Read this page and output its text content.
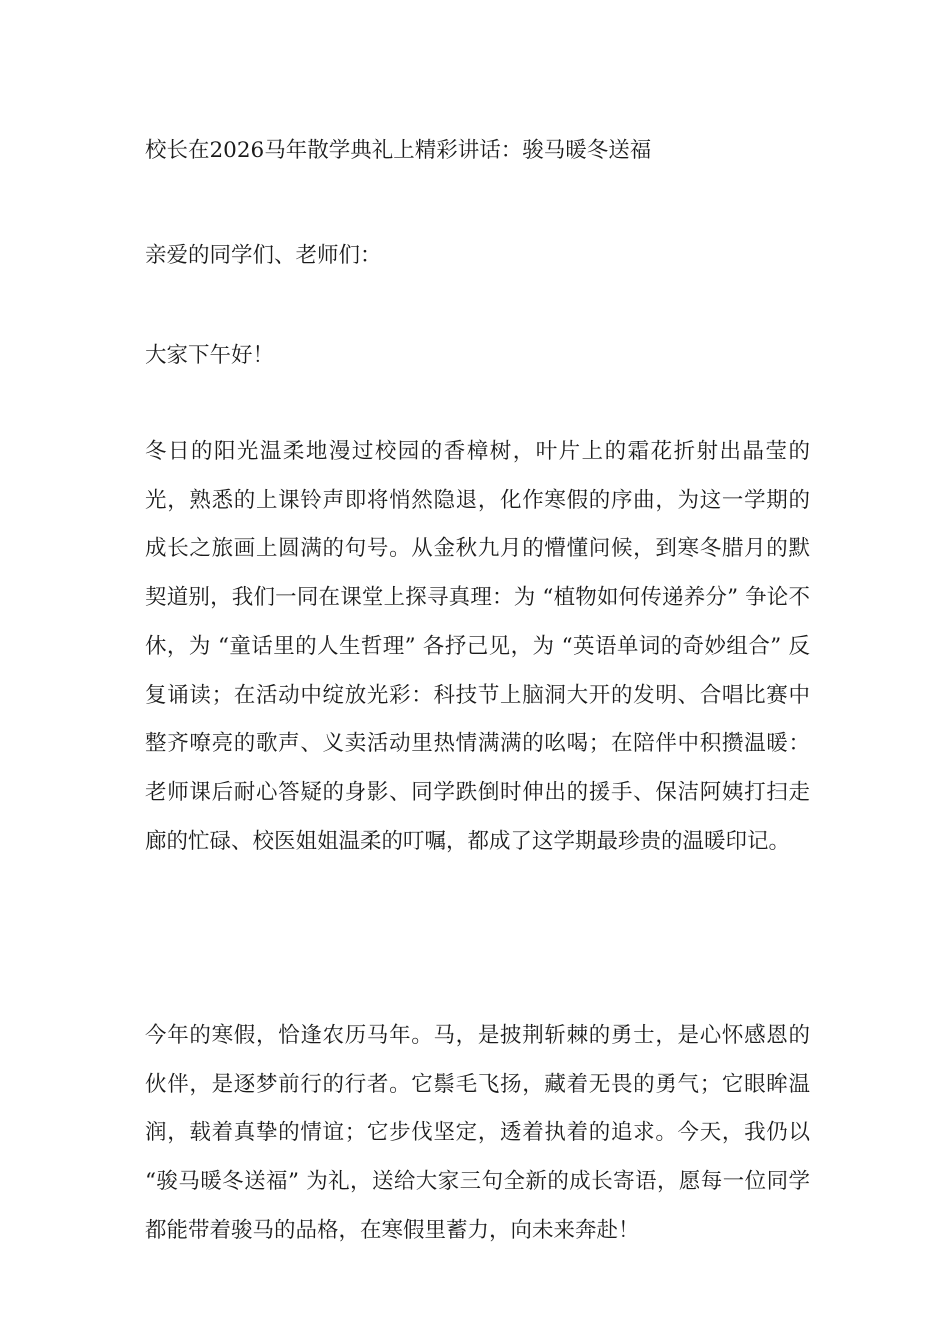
校长在2026马年散学典礼上精彩讲话：骏马暖冬送福

亲爱的同学们、老师们：

大家下午好！

冬日的阳光温柔地漫过校园的香樟树，叶片上的霜花折射出晶莹的光，熟悉的上课铃声即将悄然隐退，化作寒假的序曲，为这一学期的成长之旅画上圆满的句号。从金秋九月的懵懂问候，到寒冬腊月的默契道别，我们一同在课堂上探寻真理：为 “植物如何传递养分” 争论不休，为 “童话里的人生哲理” 各抒己见，为 “英语单词的奇妙组合” 反复诵读；在活动中绽放光彩：科技节上脑洞大开的发明、合唱比赛中整齐嘹亮的歌声、义卖活动里热情满满的吆喝；在陪伴中积攒温暖：老师课后耐心答疑的身影、同学跌倒时伸出的援手、保洁阿姨打扫走廊的忙碌、校医姐姐温柔的叮嘱，都成了这学期最珍贵的温暖印记。

今年的寒假，恰逢农历马年。马，是披荆斩棘的勇士，是心怀感恩的伙伴，是逐梦前行的行者。它鬃毛飞扬，藏着无畏的勇气；它眼眸温润，载着真挚的情谊；它步伐坚定，透着执着的追求。今天，我仍以 “骏马暖冬送福” 为礼，送给大家三句全新的成长寄语，愿每一位同学都能带着骏马的品格，在寒假里蓄力，向未来奔赴！
